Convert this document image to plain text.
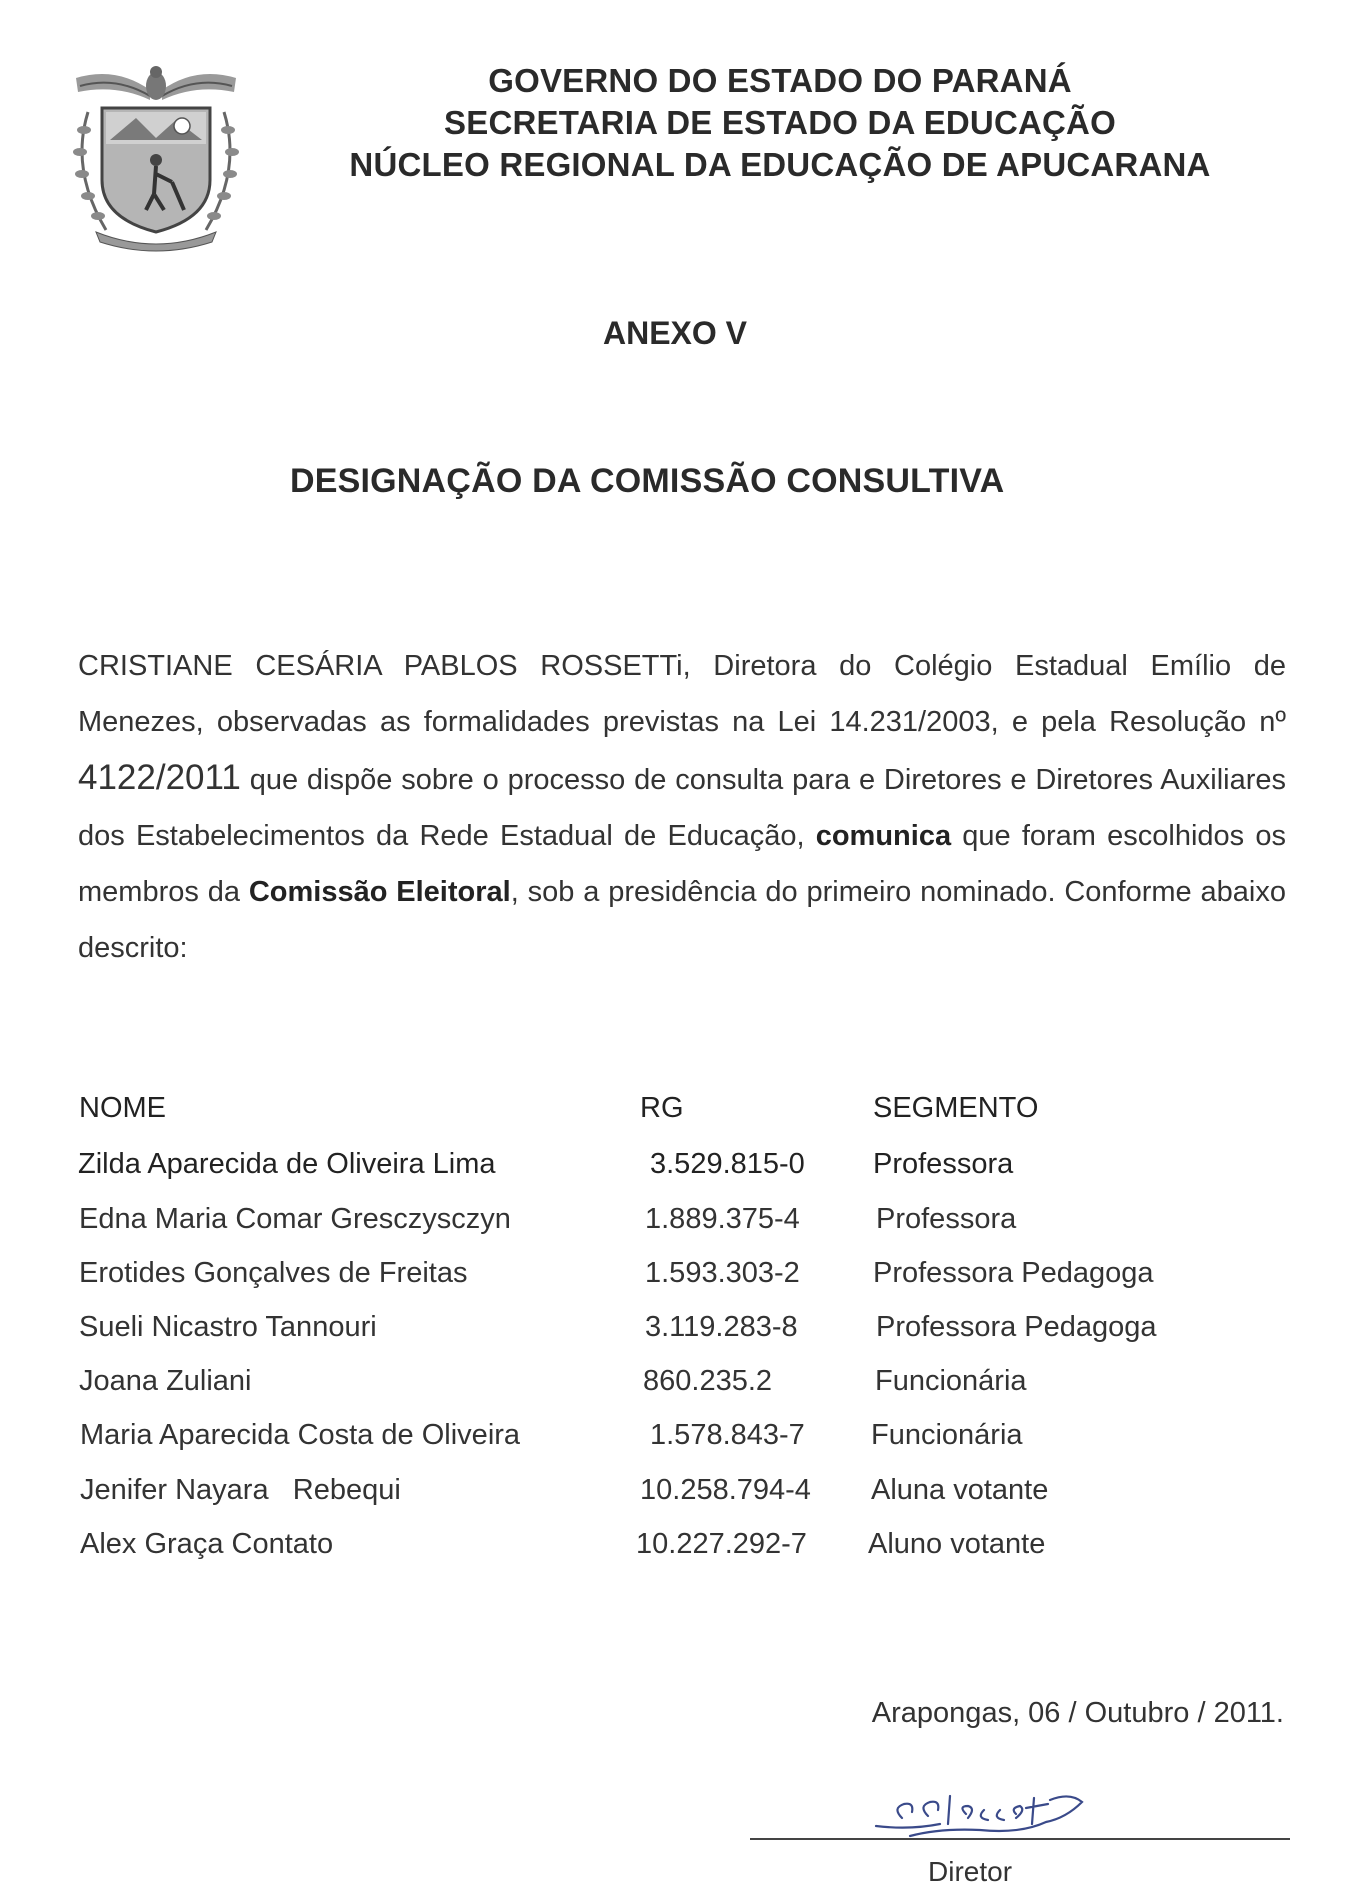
GOVERNO DO ESTADO DO PARANÁ
SECRETARIA DE ESTADO DA EDUCAÇÃO
NÚCLEO REGIONAL DA EDUCAÇÃO DE APUCARANA
ANEXO V
DESIGNAÇÃO DA COMISSÃO CONSULTIVA
CRISTIANE CESÁRIA PABLOS ROSSETTi, Diretora do Colégio Estadual Emílio de Menezes, observadas as formalidades previstas na Lei 14.231/2003, e pela Resolução nº 4122/2011 que dispõe sobre o processo de consulta para e Diretores e Diretores Auxiliares dos Estabelecimentos da Rede Estadual de Educação, comunica que foram escolhidos os membros da Comissão Eleitoral, sob a presidência do primeiro nominado. Conforme abaixo descrito:
NOME	RG	SEGMENTO
Zilda Aparecida de Oliveira Lima	3.529.815-0 Professora
Edna Maria Comar Gresczysczyn	1.889.375-4	Professora
Erotides Gonçalves de Freitas	1.593.303-2	Professora Pedagoga
Sueli Nicastro Tannouri	3.119.283-8	Professora Pedagoga
Joana Zuliani	860.235.2	Funcionária
Maria Aparecida Costa de Oliveira	1.578.843-7 Funcionária
Jenifer Nayara   Rebequi	10.258.794-4 Aluna votante
Alex Graça Contato	10.227.292-7 Aluno votante
Arapongas, 06 / Outubro / 2011.
Diretor
